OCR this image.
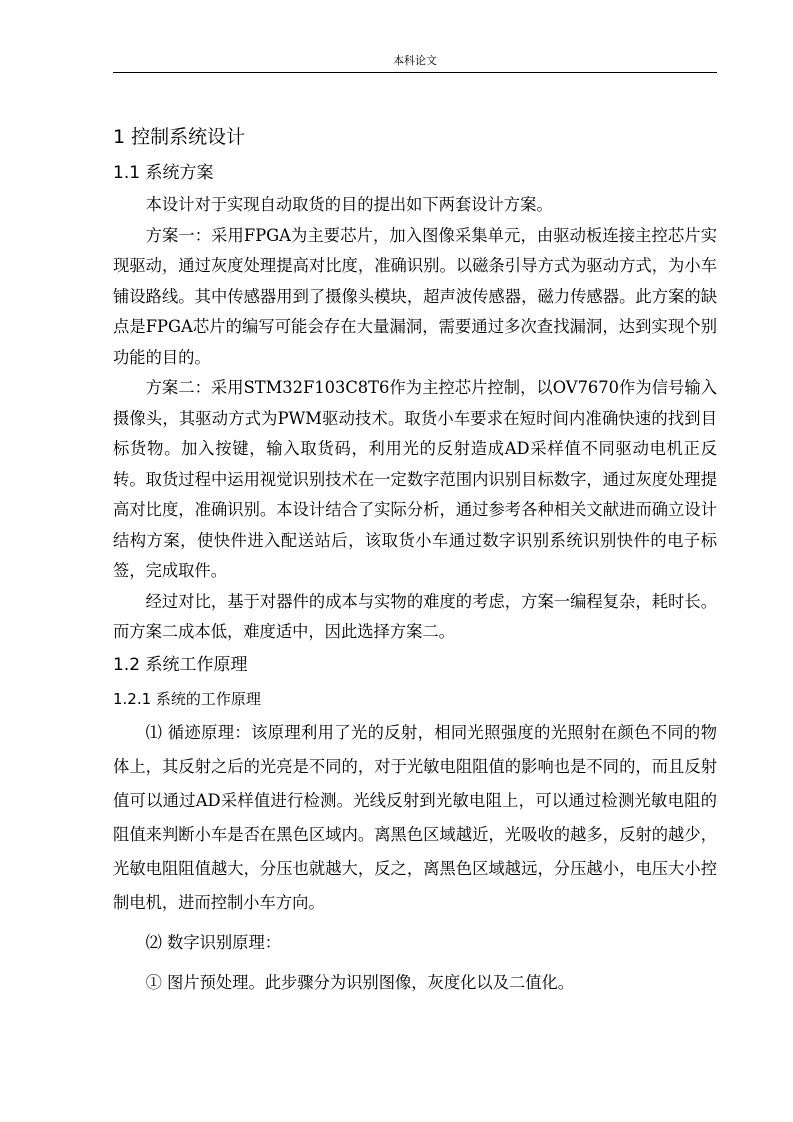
本科论文
1 控制系统设计
1.1 系统方案

本设计对于实现自动取货的目的提出如下两套设计方案。

方案一：采用FPGA为主要芯片，加入图像采集单元，由驱动板连接主控芯片实现驱动，通过灰度处理提高对比度，准确识别。以磁条引导方式为驱动方式，为小车铺设路线。其中传感器用到了摄像头模块，超声波传感器，磁力传感器。此方案的缺点是FPGA芯片的编写可能会存在大量漏洞，需要通过多次查找漏洞，达到实现个别功能的目的。

方案二：采用STM32F103C8T6作为主控芯片控制，以OV7670作为信号输入摄像头，其驱动方式为PWM驱动技术。取货小车要求在短时间内准确快速的找到目标货物。加入按键，输入取货码，利用光的反射造成AD采样值不同驱动电机正反转。取货过程中运用视觉识别技术在一定数字范围内识别目标数字，通过灰度处理提高对比度，准确识别。本设计结合了实际分析，通过参考各种相关文献进而确立设计结构方案，使快件进入配送站后，该取货小车通过数字识别系统识别快件的电子标签，完成取件。

经过对比，基于对器件的成本与实物的难度的考虑，方案一编程复杂，耗时长。而方案二成本低，难度适中，因此选择方案二。

1.2 系统工作原理
1.2.1 系统的工作原理

⑴ 循迹原理：该原理利用了光的反射，相同光照强度的光照射在颜色不同的物体上，其反射之后的光亮是不同的，对于光敏电阻阻值的影响也是不同的，而且反射值可以通过AD采样值进行检测。光线反射到光敏电阻上，可以通过检测光敏电阻的阻值来判断小车是否在黑色区域内。离黑色区域越近，光吸收的越多，反射的越少，光敏电阻阻值越大，分压也就越大，反之，离黑色区域越远，分压越小，电压大小控制电机，进而控制小车方向。

⑵ 数字识别原理：

① 图片预处理。此步骤分为识别图像，灰度化以及二值化。
